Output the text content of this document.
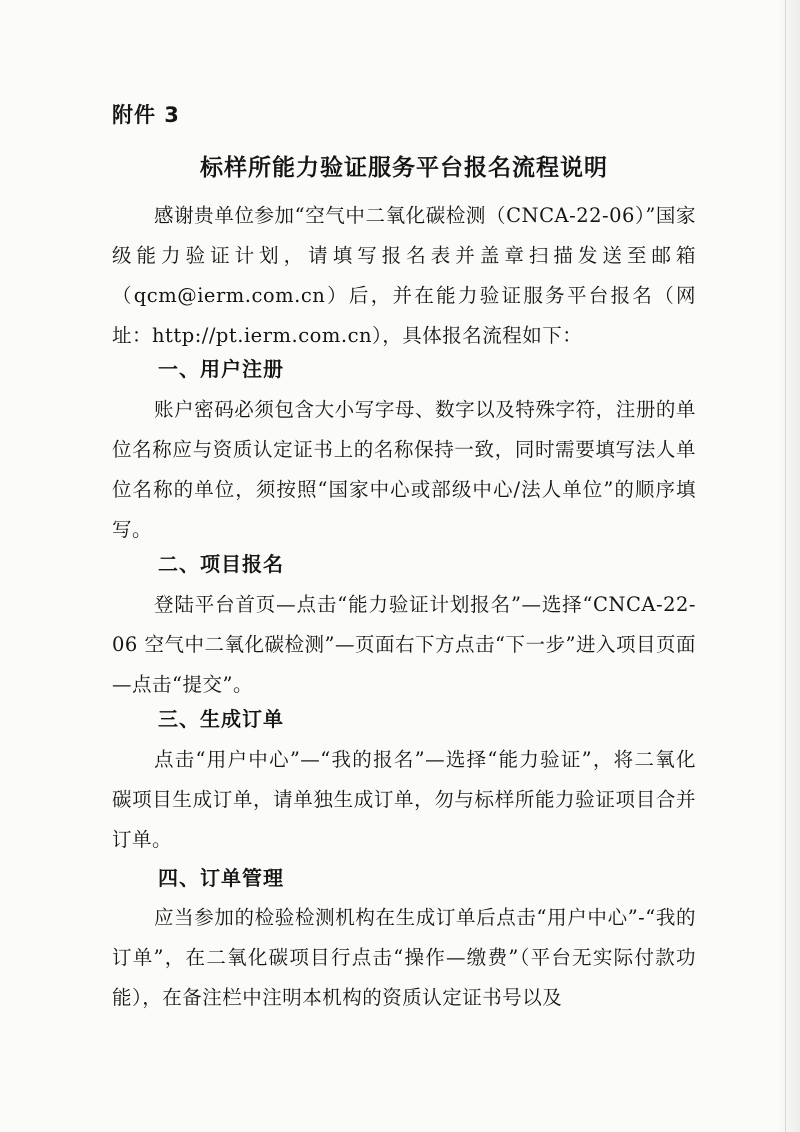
附件 3
标样所能力验证服务平台报名流程说明
感谢贵单位参加“空气中二氧化碳检测（CNCA-22-06）”国家级能力验证计划，请填写报名表并盖章扫描发送至邮箱（qcm@ierm.com.cn）后，并在能力验证服务平台报名（网址：http://pt.ierm.com.cn），具体报名流程如下：
一、用户注册
账户密码必须包含大小写字母、数字以及特殊字符，注册的单位名称应与资质认定证书上的名称保持一致，同时需要填写法人单位名称的单位，须按照“国家中心或部级中心/法人单位”的顺序填写。
二、项目报名
登陆平台首页—点击“能力验证计划报名”—选择“CNCA-22-06 空气中二氧化碳检测”—页面右下方点击“下一步”进入项目页面—点击“提交”。
三、生成订单
点击“用户中心”—“我的报名”—选择“能力验证”，将二氧化碳项目生成订单，请单独生成订单，勿与标样所能力验证项目合并订单。
四、订单管理
应当参加的检验检测机构在生成订单后点击“用户中心”-“我的订单”，在二氧化碳项目行点击“操作—缴费”（平台无实际付款功能），在备注栏中注明本机构的资质认定证书号以及
